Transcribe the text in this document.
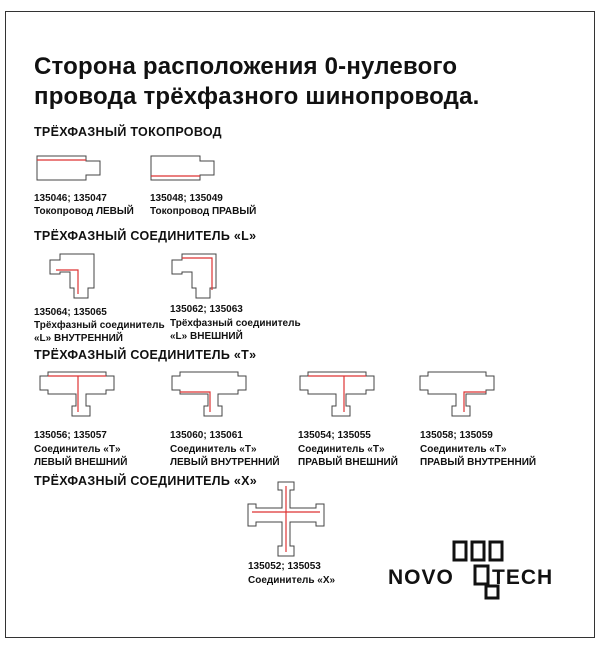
Сторона расположения 0-нулевого
провода трёхфазного шинопровода.
ТРЁХФАЗНЫЙ ТОКОПРОВОД
135046; 135047
Токопровод ЛЕВЫЙ
135048; 135049
Токопровод ПРАВЫЙ
ТРЁХФАЗНЫЙ СОЕДИНИТЕЛЬ «L»
135064; 135065
Трёхфазный соединитель
«L» ВНУТРЕННИЙ
135062; 135063
Трёхфазный соединитель
«L» ВНЕШНИЙ
ТРЁХФАЗНЫЙ СОЕДИНИТЕЛЬ «T»
135056; 135057
Соединитель «Т»
ЛЕВЫЙ ВНЕШНИЙ
135060; 135061
Соединитель «Т»
ЛЕВЫЙ ВНУТРЕННИЙ
135054; 135055
Соединитель «Т»
ПРАВЫЙ ВНЕШНИЙ
135058; 135059
Соединитель «Т»
ПРАВЫЙ ВНУТРЕННИЙ
ТРЁХФАЗНЫЙ СОЕДИНИТЕЛЬ «X»
135052; 135053
Соединитель «Х»	NOVO TECH
